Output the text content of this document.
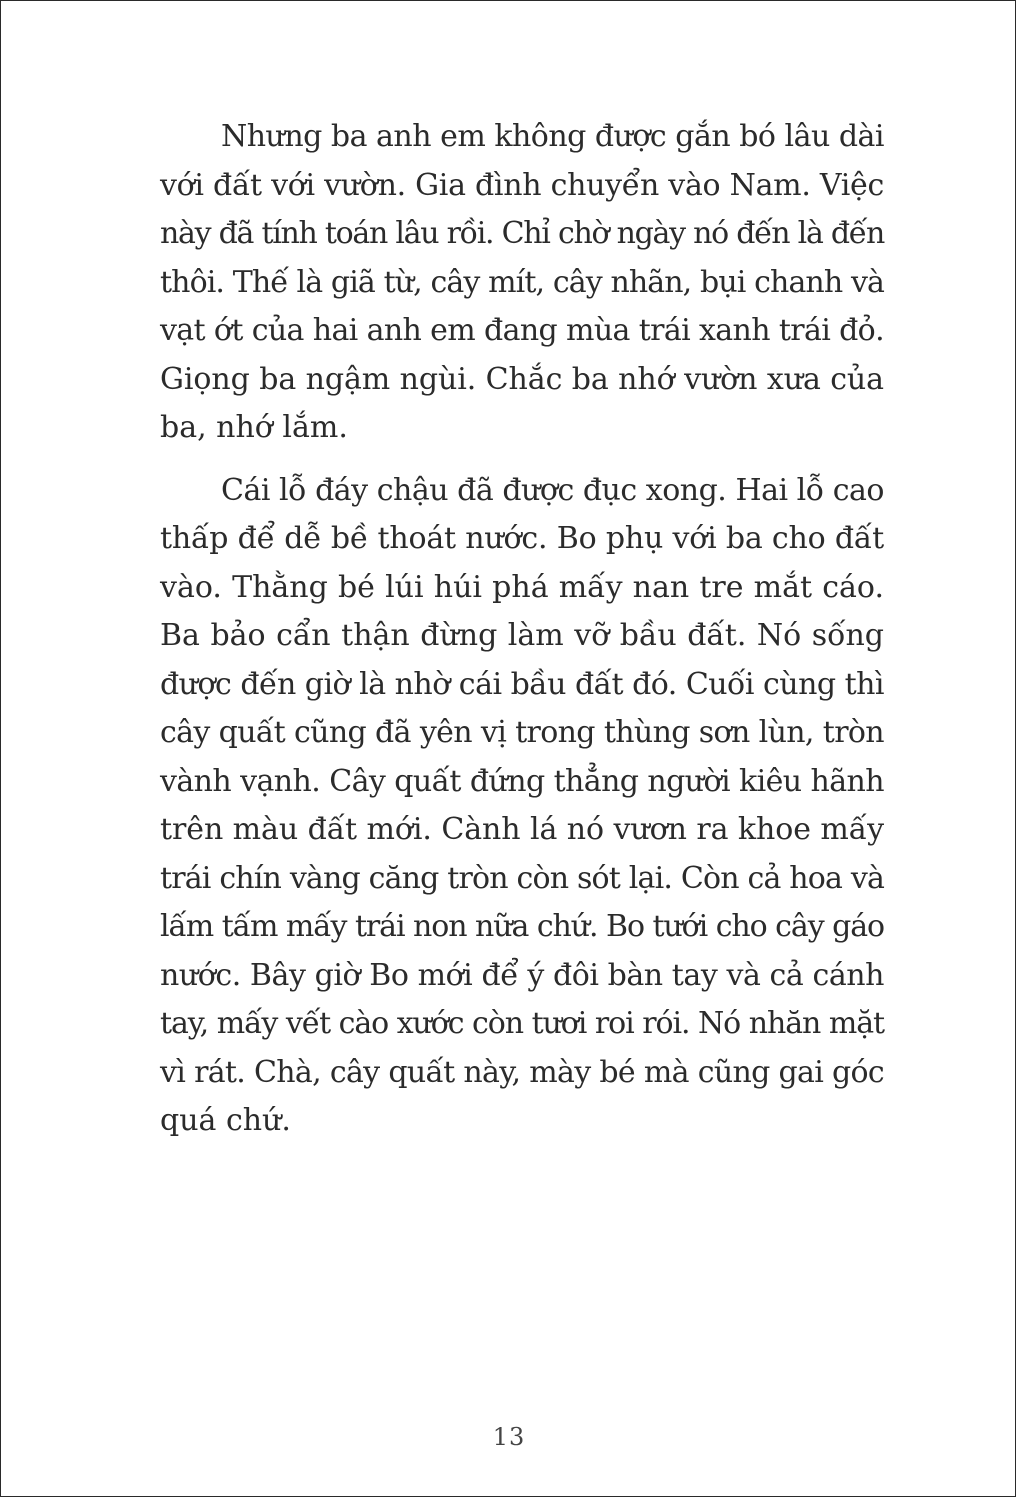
Nhưng ba anh em không được gắn bó lâu dài
với đất với vườn. Gia đình chuyển vào Nam. Việc
này đã tính toán lâu rồi. Chỉ chờ ngày nó đến là đến
thôi. Thế là giã từ, cây mít, cây nhãn, bụi chanh và
vạt ớt của hai anh em đang mùa trái xanh trái đỏ.
Giọng ba ngậm ngùi. Chắc ba nhớ vườn xưa của
ba, nhớ lắm.
Cái lỗ đáy chậu đã được đục xong. Hai lỗ cao
thấp để dễ bề thoát nước. Bo phụ với ba cho đất
vào. Thằng bé lúi húi phá mấy nan tre mắt cáo.
Ba bảo cẩn thận đừng làm vỡ bầu đất. Nó sống
được đến giờ là nhờ cái bầu đất đó. Cuối cùng thì
cây quất cũng đã yên vị trong thùng sơn lùn, tròn
vành vạnh. Cây quất đứng thẳng người kiêu hãnh
trên màu đất mới. Cành lá nó vươn ra khoe mấy
trái chín vàng căng tròn còn sót lại. Còn cả hoa và
lấm tấm mấy trái non nữa chứ. Bo tưới cho cây gáo
nước. Bây giờ Bo mới để ý đôi bàn tay và cả cánh
tay, mấy vết cào xước còn tươi roi rói. Nó nhăn mặt
vì rát. Chà, cây quất này, mày bé mà cũng gai góc
quá chứ.
13
